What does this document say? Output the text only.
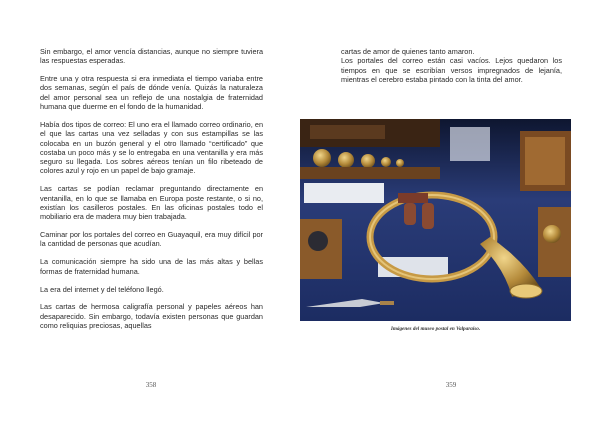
Sin embargo, el amor vencía distancias, aunque no siempre tuviera las respuestas esperadas.

Entre una y otra respuesta si era inmediata el tiempo variaba entre dos semanas, según el país de dónde venía. Quizás la naturaleza del amor personal sea un reflejo de una nostalgia de fraternidad humana que duerme en el fondo de la humanidad.

Había dos tipos de correo: El uno era el llamado correo ordinario, en el que las cartas una vez selladas y con sus estampillas se las colocaba en un buzón general y el otro llamado “certificado” que costaba un poco más y se lo entregaba en una ventanilla y era más seguro su llegada. Los sobres aéreos tenían un filo ribeteado de colores azul y rojo en un papel de bajo gramaje.

Las cartas se podían reclamar preguntando directamente en ventanilla, en lo que se llamaba en Europa poste restante, o si no, existían los casilleros postales. En las oficinas postales todo el mobiliario era de madera muy bien trabajada.

Caminar por los portales del correo en Guayaquil, era muy difícil por la cantidad de personas que acudían.

La comunicación siempre ha sido una de las más altas y bellas formas de fraternidad humana.

La era del internet y del teléfono llegó.

Las cartas de hermosa caligrafía personal y papeles aéreos han desaparecido. Sin embargo, todavía existen personas que guardan como reliquias preciosas, aquellas

358

cartas de amor de quienes tanto amaron.

Los portales del correo están casi vacíos. Lejos quedaron los tiempos en que se escribían versos impregnados de lejanía, mientras el cerebro estaba pintado con la tinta del amor.

Imágenes del museo postal en Valparaíso.
359
